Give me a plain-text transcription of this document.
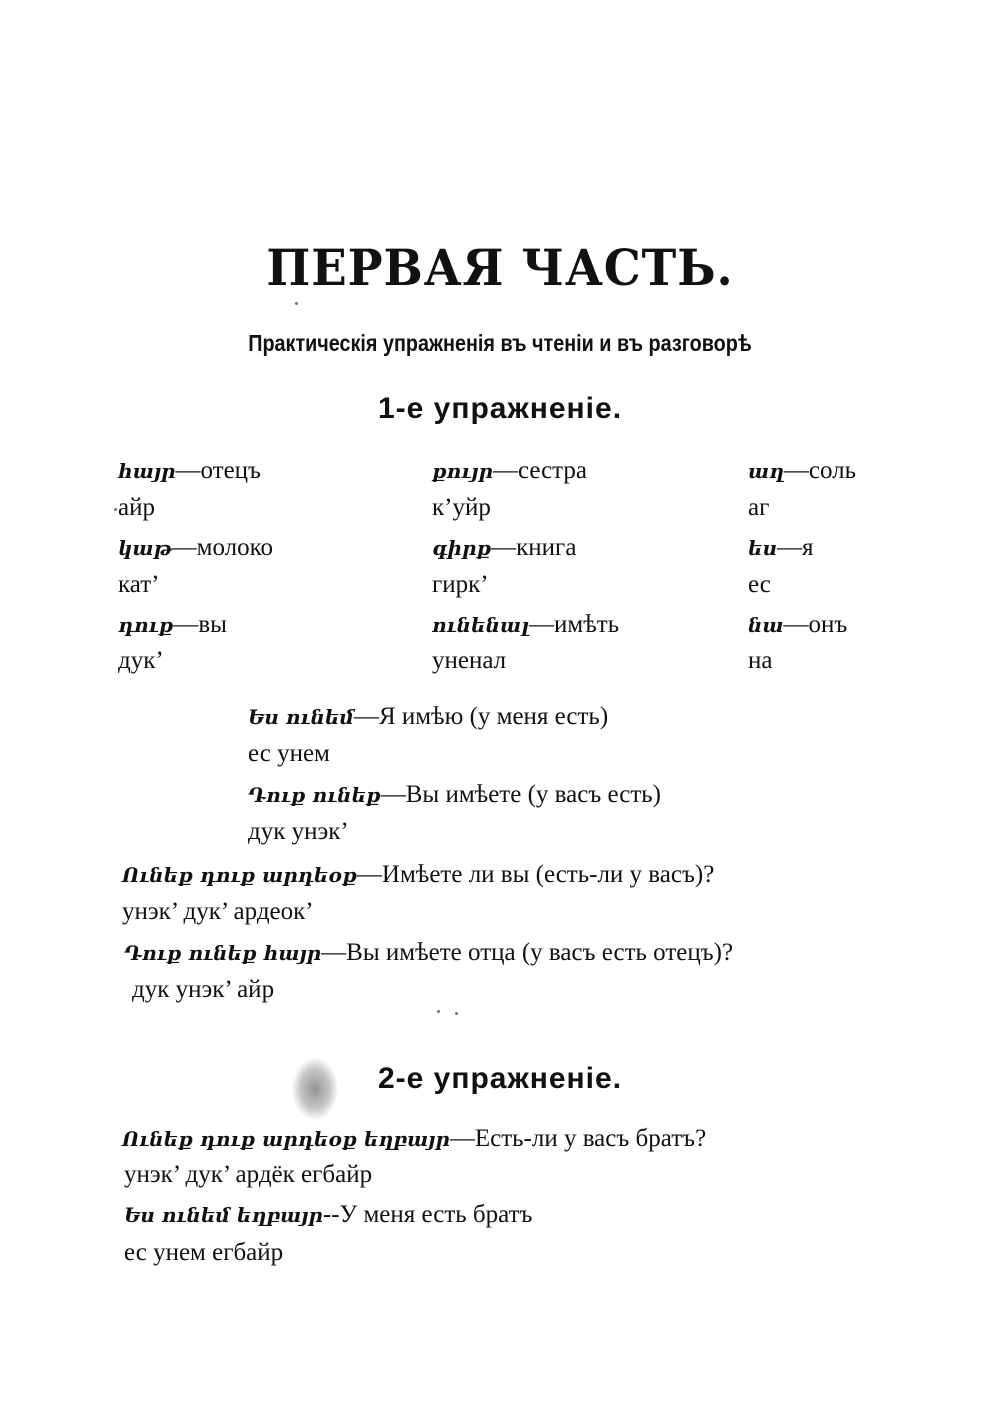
ПЕРВАЯ ЧАСТЬ.
Практическія упражненія въ чтеніи и въ разговорѣ
1-е упражненіе.
հայր—отецъ
айр
կաթ—молоко
кат’
դուք—вы
дук’
քույր—сестра
к’уйр
գիրք—книга
гирк’
ունենալ—имѣть
уненал
աղ—соль
аг
ես—я
ес
նա—онъ
на
Ես ունեմ—Я имѣю (у меня есть)
ес унем
Դուք ունեք—Вы имѣете (у васъ есть)
дук унэк’
Ունեք դուք արդեօք—Имѣете ли вы (есть-ли у васъ)?
унэк’ дук’ ардеок’
Դուք ունեք հայր—Вы имѣете отца (у васъ есть отецъ)?
дук унэк’ айр
2-е упражненіе.
Ունեք դուք արդեօք եղբայր—Есть-ли у васъ братъ?
унэк’ дук’ ардёк егбайр
Ես ունեմ եղբայր--У меня есть братъ
ес унем егбайр
